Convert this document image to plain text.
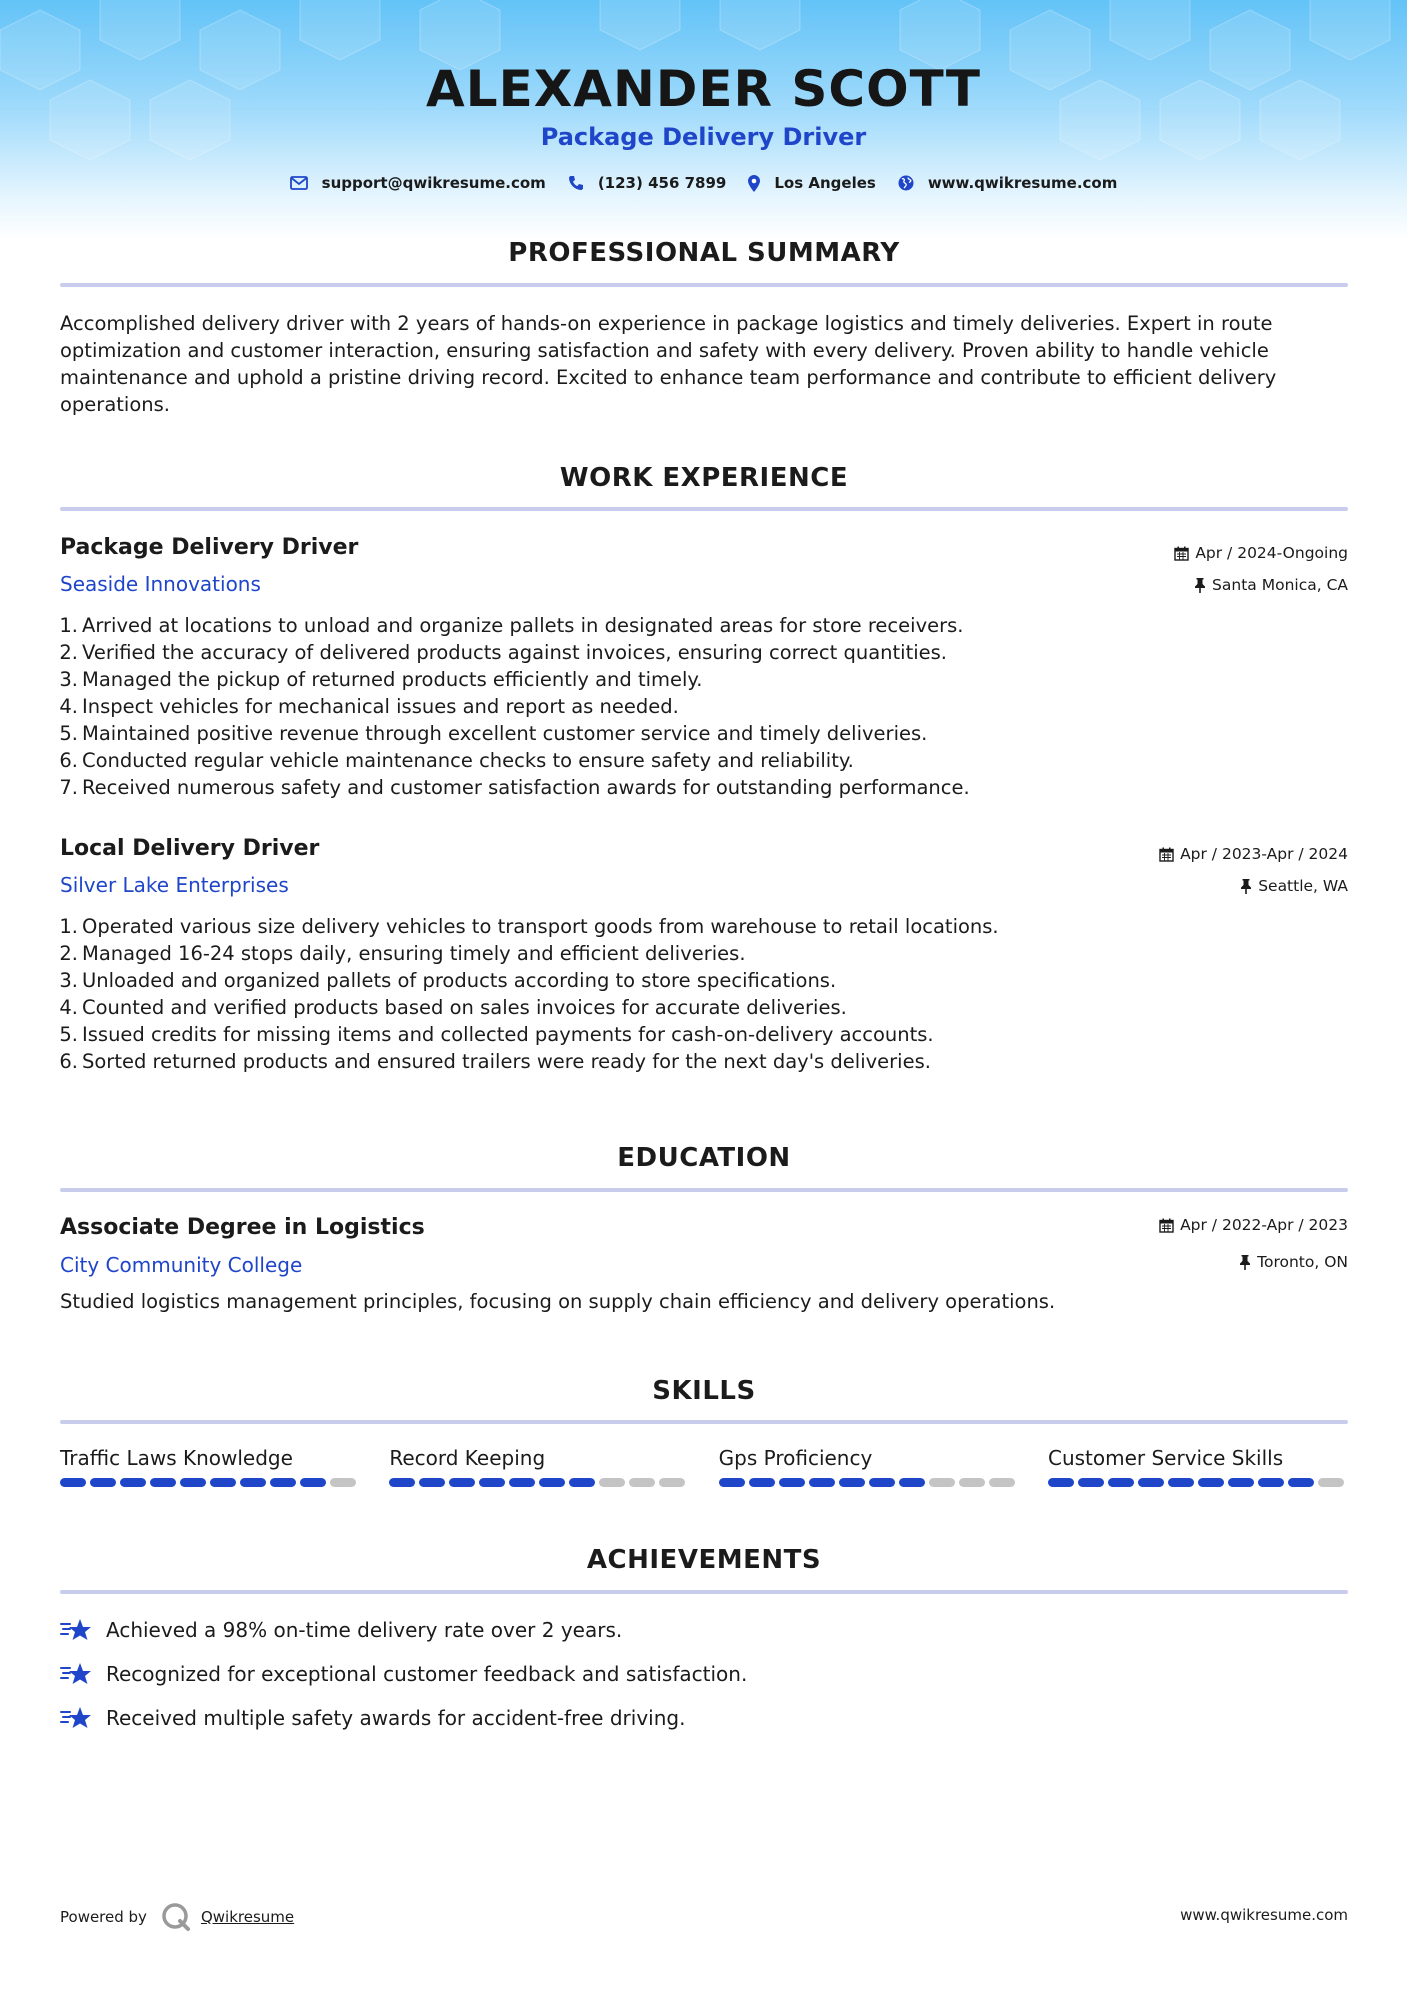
ALEXANDER SCOTT
Package Delivery Driver
support@qwikresume.com	(123) 456 7899	Los Angeles	www.qwikresume.com
PROFESSIONAL SUMMARY
Accomplished delivery driver with 2 years of hands-on experience in package logistics and timely deliveries. Expert in route optimization and customer interaction, ensuring satisfaction and safety with every delivery. Proven ability to handle vehicle maintenance and uphold a pristine driving record. Excited to enhance team performance and contribute to efficient delivery operations.
WORK EXPERIENCE
Package Delivery Driver
Seaside Innovations
Apr / 2024-Ongoing
Santa Monica, CA
1. Arrived at locations to unload and organize pallets in designated areas for store receivers.
2. Verified the accuracy of delivered products against invoices, ensuring correct quantities.
3. Managed the pickup of returned products efficiently and timely.
4. Inspect vehicles for mechanical issues and report as needed.
5. Maintained positive revenue through excellent customer service and timely deliveries.
6. Conducted regular vehicle maintenance checks to ensure safety and reliability.
7. Received numerous safety and customer satisfaction awards for outstanding performance.
Local Delivery Driver
Silver Lake Enterprises
Apr / 2023-Apr / 2024
Seattle, WA
1. Operated various size delivery vehicles to transport goods from warehouse to retail locations.
2. Managed 16-24 stops daily, ensuring timely and efficient deliveries.
3. Unloaded and organized pallets of products according to store specifications.
4. Counted and verified products based on sales invoices for accurate deliveries.
5. Issued credits for missing items and collected payments for cash-on-delivery accounts.
6. Sorted returned products and ensured trailers were ready for the next day's deliveries.
EDUCATION
Associate Degree in Logistics
City Community College
Apr / 2022-Apr / 2023
Toronto, ON
Studied logistics management principles, focusing on supply chain efficiency and delivery operations.
SKILLS
Traffic Laws Knowledge	Record Keeping	Gps Proficiency	Customer Service Skills
ACHIEVEMENTS
Achieved a 98% on-time delivery rate over 2 years.
Recognized for exceptional customer feedback and satisfaction.
Received multiple safety awards for accident-free driving.
Powered by	Qwikresume	www.qwikresume.com
